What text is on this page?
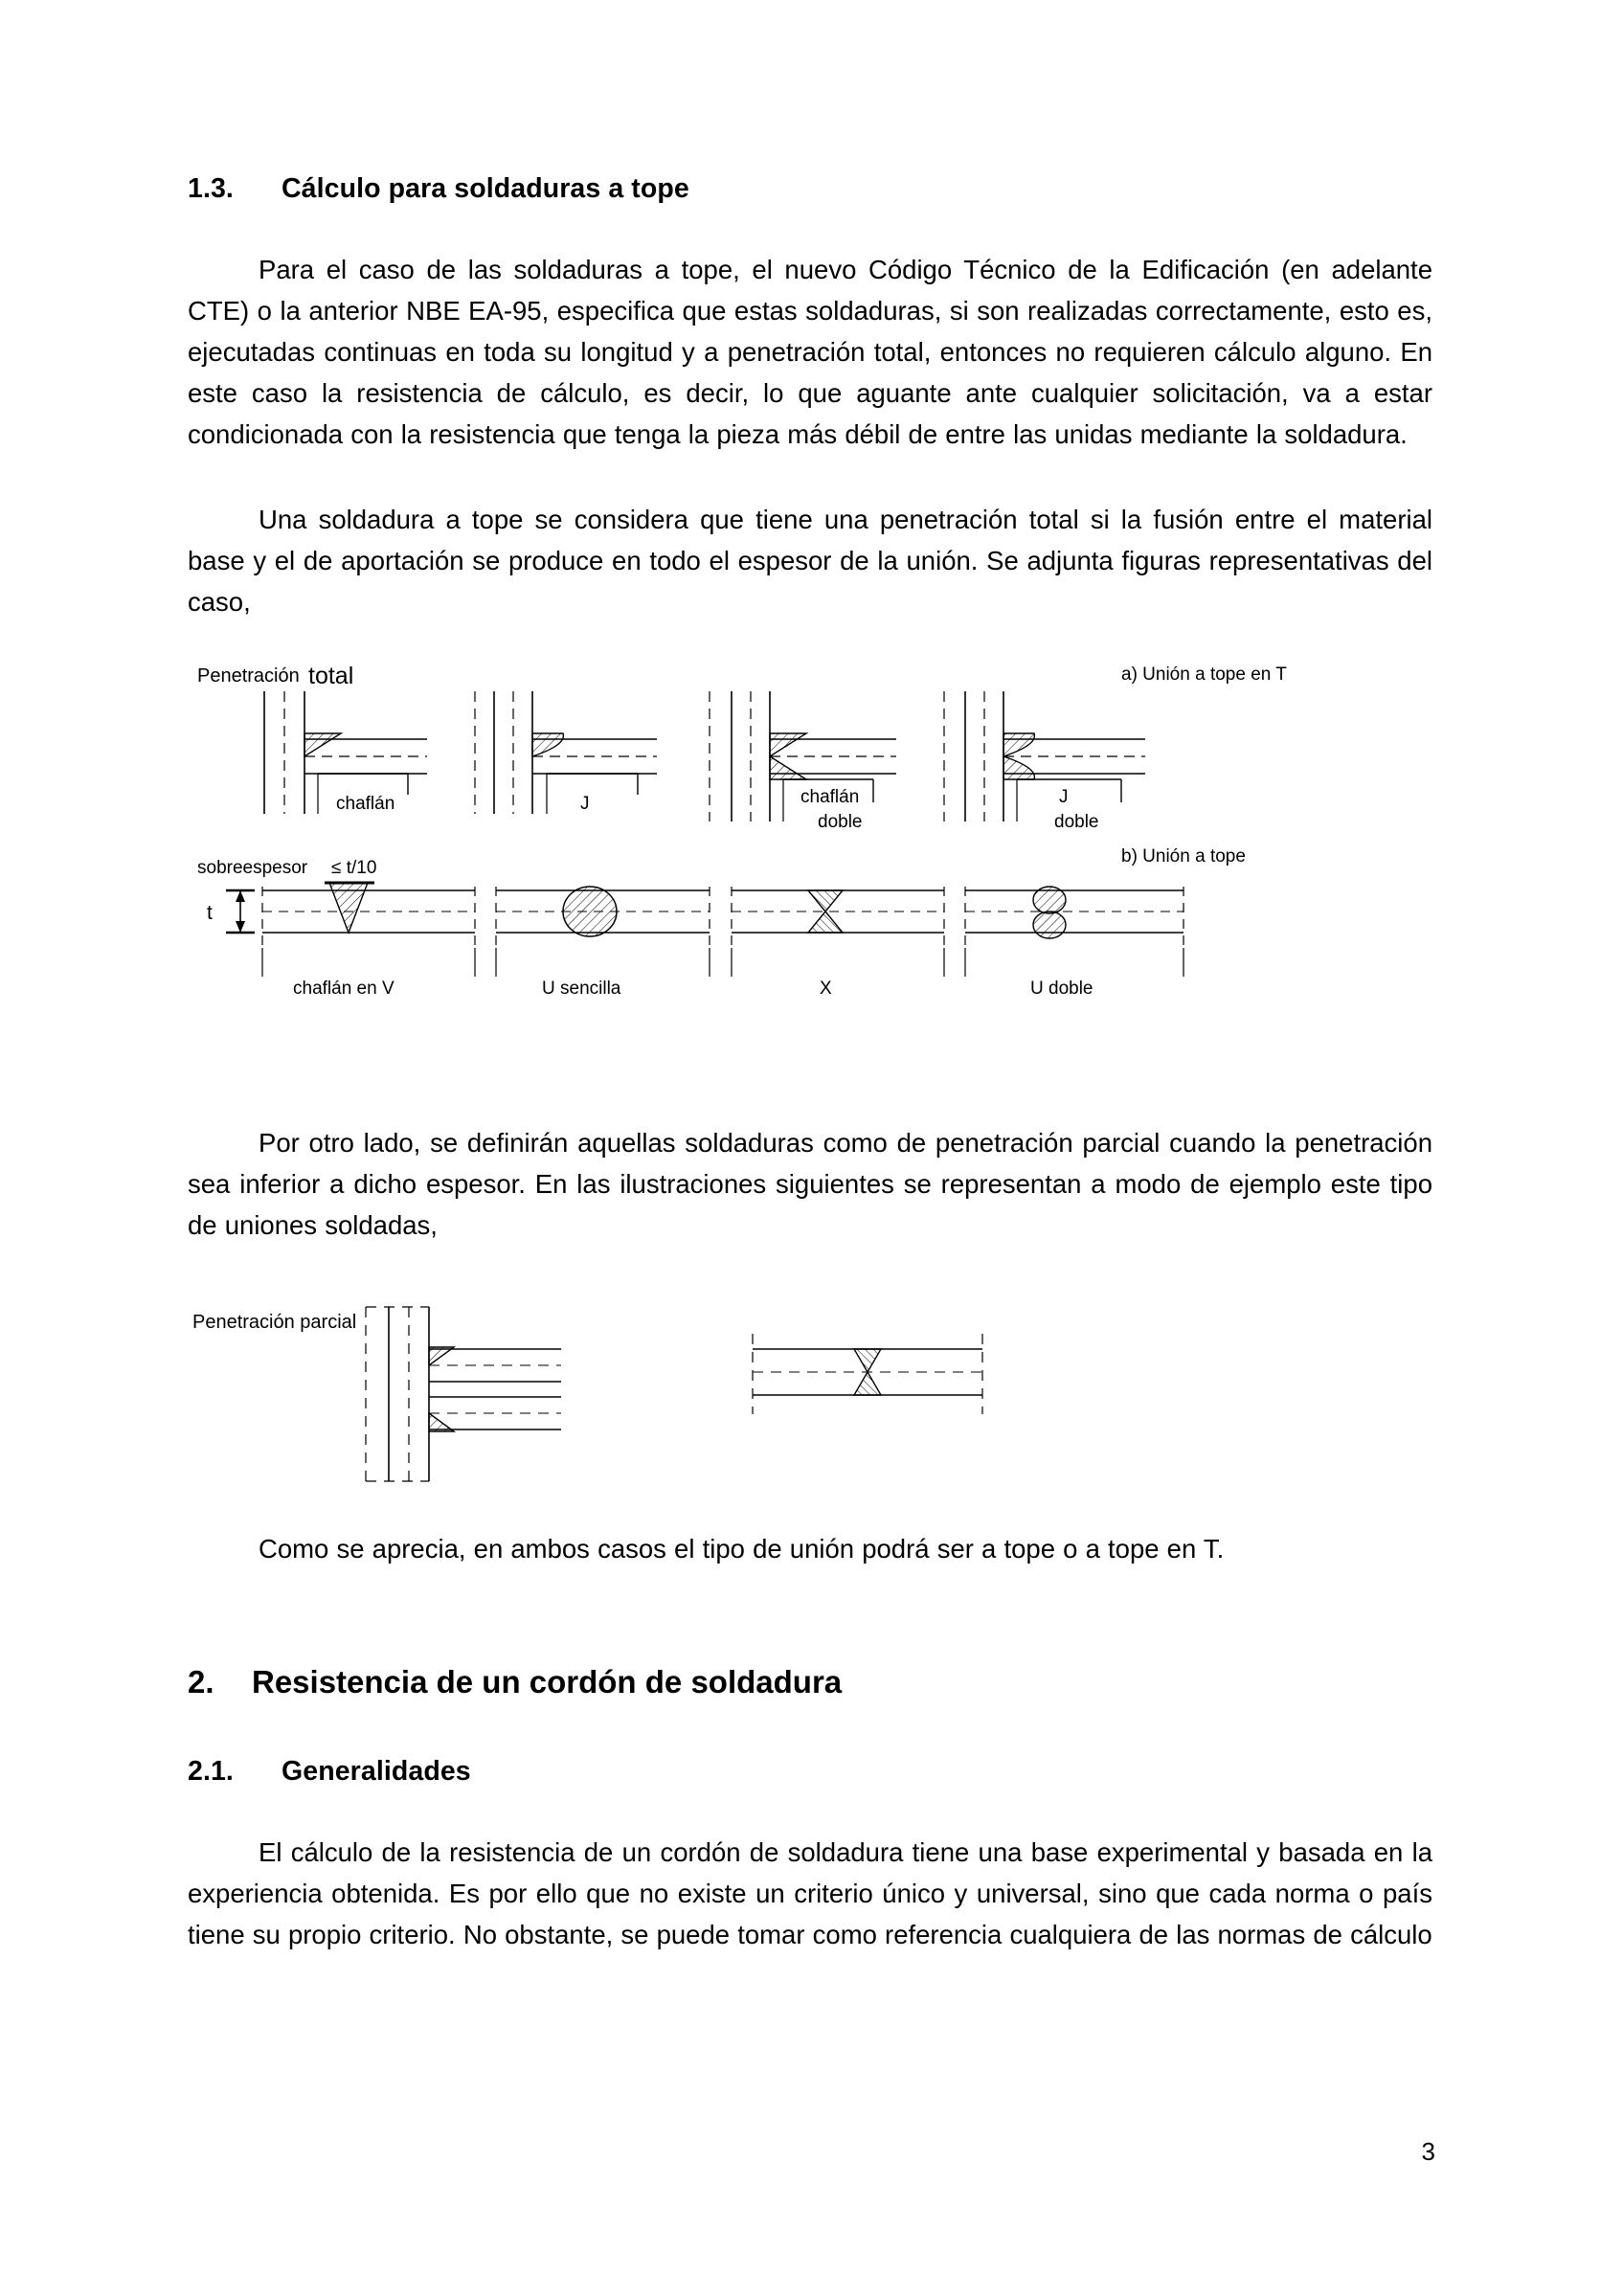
1.3.	Cálculo para soldaduras a tope

Para el caso de las soldaduras a tope, el nuevo Código Técnico de la Edificación (en adelante CTE) o la anterior NBE EA-95, especifica que estas soldaduras, si son realizadas correctamente, esto es, ejecutadas continuas en toda su longitud y a penetración total, entonces no requieren cálculo alguno. En este caso la resistencia de cálculo, es decir, lo que aguante ante cualquier solicitación, va a estar condicionada con la resistencia que tenga la pieza más débil de entre las unidas mediante la soldadura.

Una soldadura a tope se considera que tiene una penetración total si la fusión entre el material base y el de aportación se produce en todo el espesor de la unión. Se adjunta figuras representativas del caso,

Penetración total	a) Unión a tope en T
chaflán	J	chaflán
doble
J
doble
sobreespesor ≤ t/10
b) Unión a tope
t
chaflán en V	U sencilla	X	U doble

Por otro lado, se definirán aquellas soldaduras como de penetración parcial cuando la penetración sea inferior a dicho espesor. En las ilustraciones siguientes se representan a modo de ejemplo este tipo de uniones soldadas,

Penetración parcial

Como se aprecia, en ambos casos el tipo de unión podrá ser a tope o a tope en T.

2.	Resistencia de un cordón de soldadura
2.1.	Generalidades

El cálculo de la resistencia de un cordón de soldadura tiene una base experimental y basada en la experiencia obtenida. Es por ello que no existe un criterio único y universal, sino que cada norma o país tiene su propio criterio. No obstante, se puede tomar como referencia cualquiera de las normas de cálculo

3
